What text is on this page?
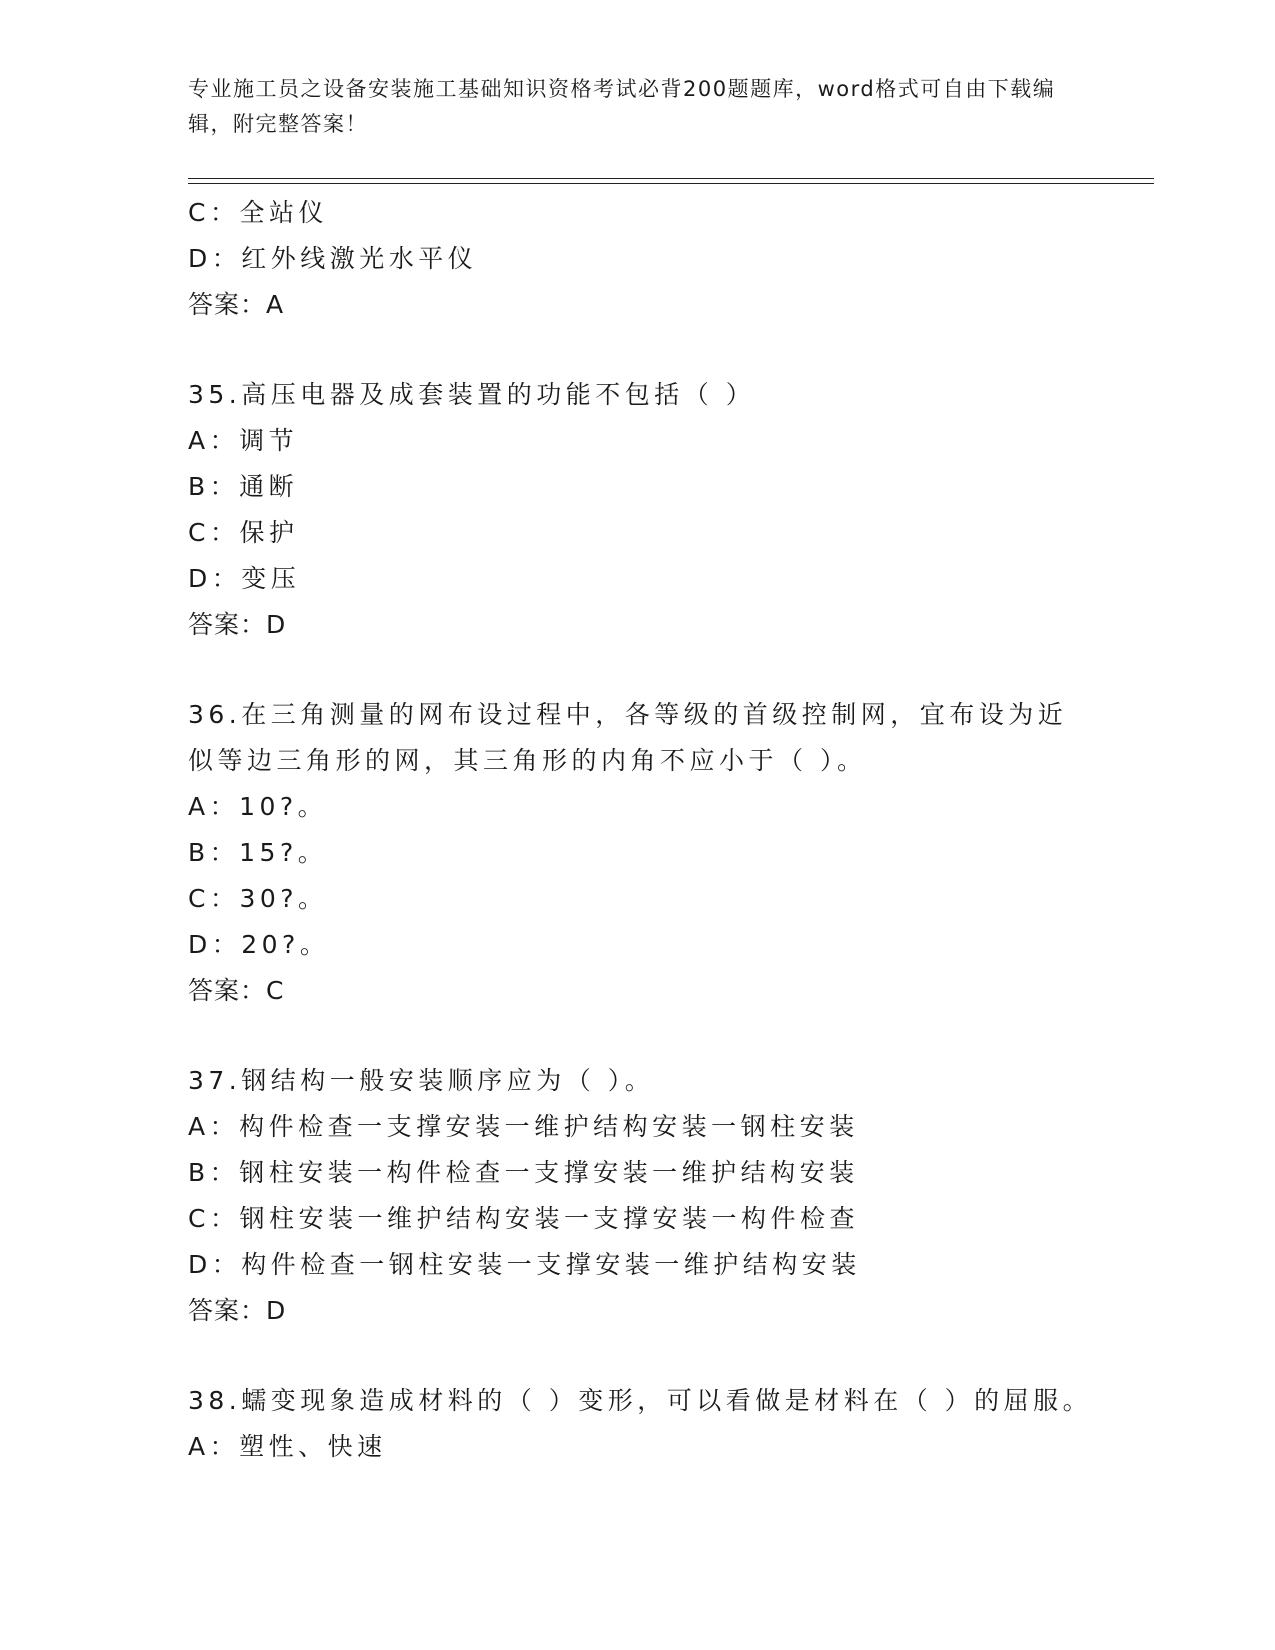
专业施工员之设备安装施工基础知识资格考试必背200题题库，word格式可自由下载编辑，附完整答案！
C：全站仪
D：红外线激光水平仪
答案：A
35.高压电器及成套装置的功能不包括（ ）
A：调节
B：通断
C：保护
D：变压
答案：D
36.在三角测量的网布设过程中，各等级的首级控制网，宜布设为近似等边三角形的网，其三角形的内角不应小于（ ）。
A：10?。
B：15?。
C：30?。
D：20?。
答案：C
37.钢结构一般安装顺序应为（ ）。
A：构件检查一支撑安装一维护结构安装一钢柱安装
B：钢柱安装一构件检查一支撑安装一维护结构安装
C：钢柱安装一维护结构安装一支撑安装一构件检查
D：构件检查一钢柱安装一支撑安装一维护结构安装
答案：D
38.蠕变现象造成材料的（ ）变形，可以看做是材料在（ ）的屈服。
A：塑性、快速
